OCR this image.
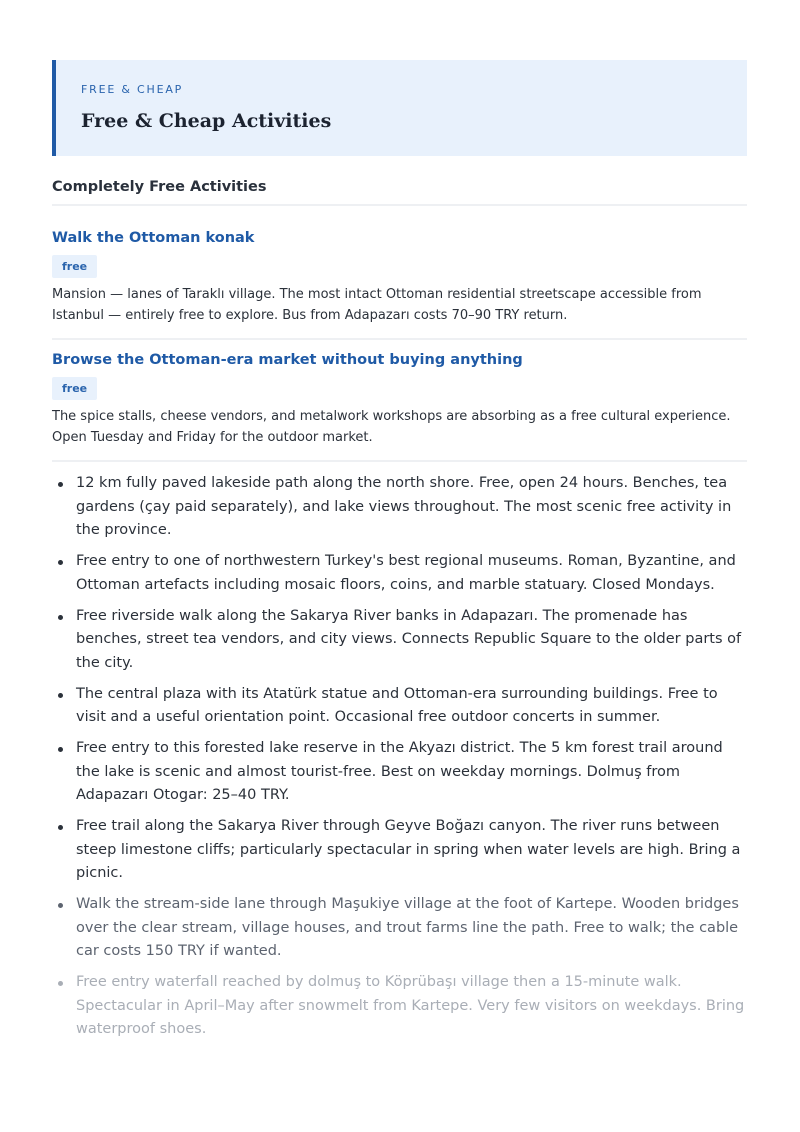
FREE & CHEAP
Free & Cheap Activities
Completely Free Activities
Walk the Ottoman konak
free
Mansion — lanes of Taraklı village. The most intact Ottoman residential streetscape accessible from Istanbul — entirely free to explore. Bus from Adapazarı costs 70–90 TRY return.
Browse the Ottoman-era market without buying anything
free
The spice stalls, cheese vendors, and metalwork workshops are absorbing as a free cultural experience. Open Tuesday and Friday for the outdoor market.
12 km fully paved lakeside path along the north shore. Free, open 24 hours. Benches, tea gardens (çay paid separately), and lake views throughout. The most scenic free activity in the province.
Free entry to one of northwestern Turkey's best regional museums. Roman, Byzantine, and Ottoman artefacts including mosaic floors, coins, and marble statuary. Closed Mondays.
Free riverside walk along the Sakarya River banks in Adapazarı. The promenade has benches, street tea vendors, and city views. Connects Republic Square to the older parts of the city.
The central plaza with its Atatürk statue and Ottoman-era surrounding buildings. Free to visit and a useful orientation point. Occasional free outdoor concerts in summer.
Free entry to this forested lake reserve in the Akyazı district. The 5 km forest trail around the lake is scenic and almost tourist-free. Best on weekday mornings. Dolmuş from Adapazarı Otogar: 25–40 TRY.
Free trail along the Sakarya River through Geyve Boğazı canyon. The river runs between steep limestone cliffs; particularly spectacular in spring when water levels are high. Bring a picnic.
Walk the stream-side lane through Maşukiye village at the foot of Kartepe. Wooden bridges over the clear stream, village houses, and trout farms line the path. Free to walk; the cable car costs 150 TRY if wanted.
Free entry waterfall reached by dolmuş to Köprübaşı village then a 15-minute walk. Spectacular in April–May after snowmelt from Kartepe. Very few visitors on weekdays. Bring waterproof shoes.
